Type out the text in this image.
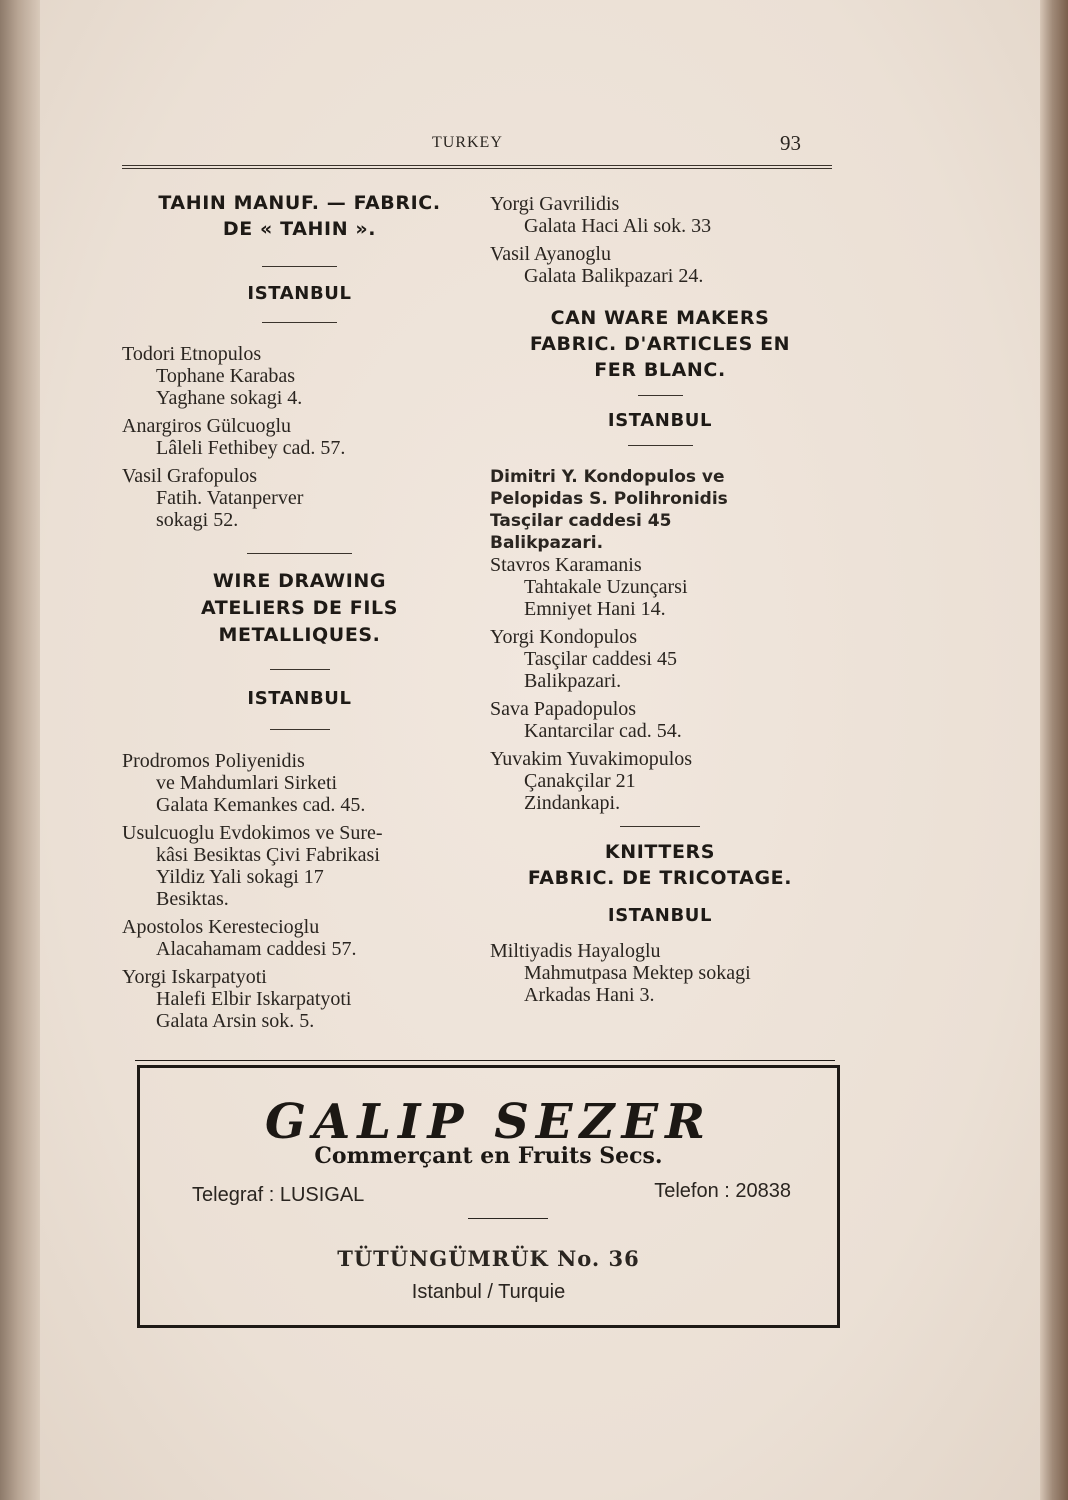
TURKEY	93
TAHIN MANUF. — FABRIC.
DE « TAHIN ».
ISTANBUL
Todori Etnopulos
Tophane Karabas
Yaghane sokagi 4.
Anargiros Gülcuoglu
Lâleli Fethibey cad. 57.
Vasil Grafopulos
Fatih. Vatanperver
sokagi 52.
WIRE DRAWING
ATELIERS DE FILS
METALLIQUES.
ISTANBUL
Prodromos Poliyenidis
ve Mahdumlari Sirketi
Galata Kemankes cad. 45.
Usulcuoglu Evdokimos ve Sure-
kâsi Besiktas Çivi Fabrikasi
Yildiz Yali sokagi 17
Besiktas.
Apostolos Kerestecioglu
Alacahamam caddesi 57.
Yorgi Iskarpatyoti
Halefi Elbir Iskarpatyoti
Galata Arsin sok. 5.
Yorgi Gavrilidis
Galata Haci Ali sok. 33
Vasil Ayanoglu
Galata Balikpazari 24.
CAN WARE MAKERS
FABRIC. D'ARTICLES EN
FER BLANC.
ISTANBUL
Dimitri Y. Kondopulos ve
Pelopidas S. Polihronidis
Tasçilar caddesi 45
Balikpazari.
Stavros Karamanis
Tahtakale Uzunçarsi
Emniyet Hani 14.
Yorgi Kondopulos
Tasçilar caddesi 45
Balikpazari.
Sava Papadopulos
Kantarcilar cad. 54.
Yuvakim Yuvakimopulos
Çanakçilar 21
Zindankapi.
KNITTERS
FABRIC. DE TRICOTAGE.
ISTANBUL
Miltiyadis Hayaloglu
Mahmutpasa Mektep sokagi
Arkadas Hani 3.
GALIP SEZER
Commerçant en Fruits Secs.
Telegraf : LUSIGAL	Telefon : 20838
TÜTÜNGÜMRÜK No. 36
Istanbul / Turquie
